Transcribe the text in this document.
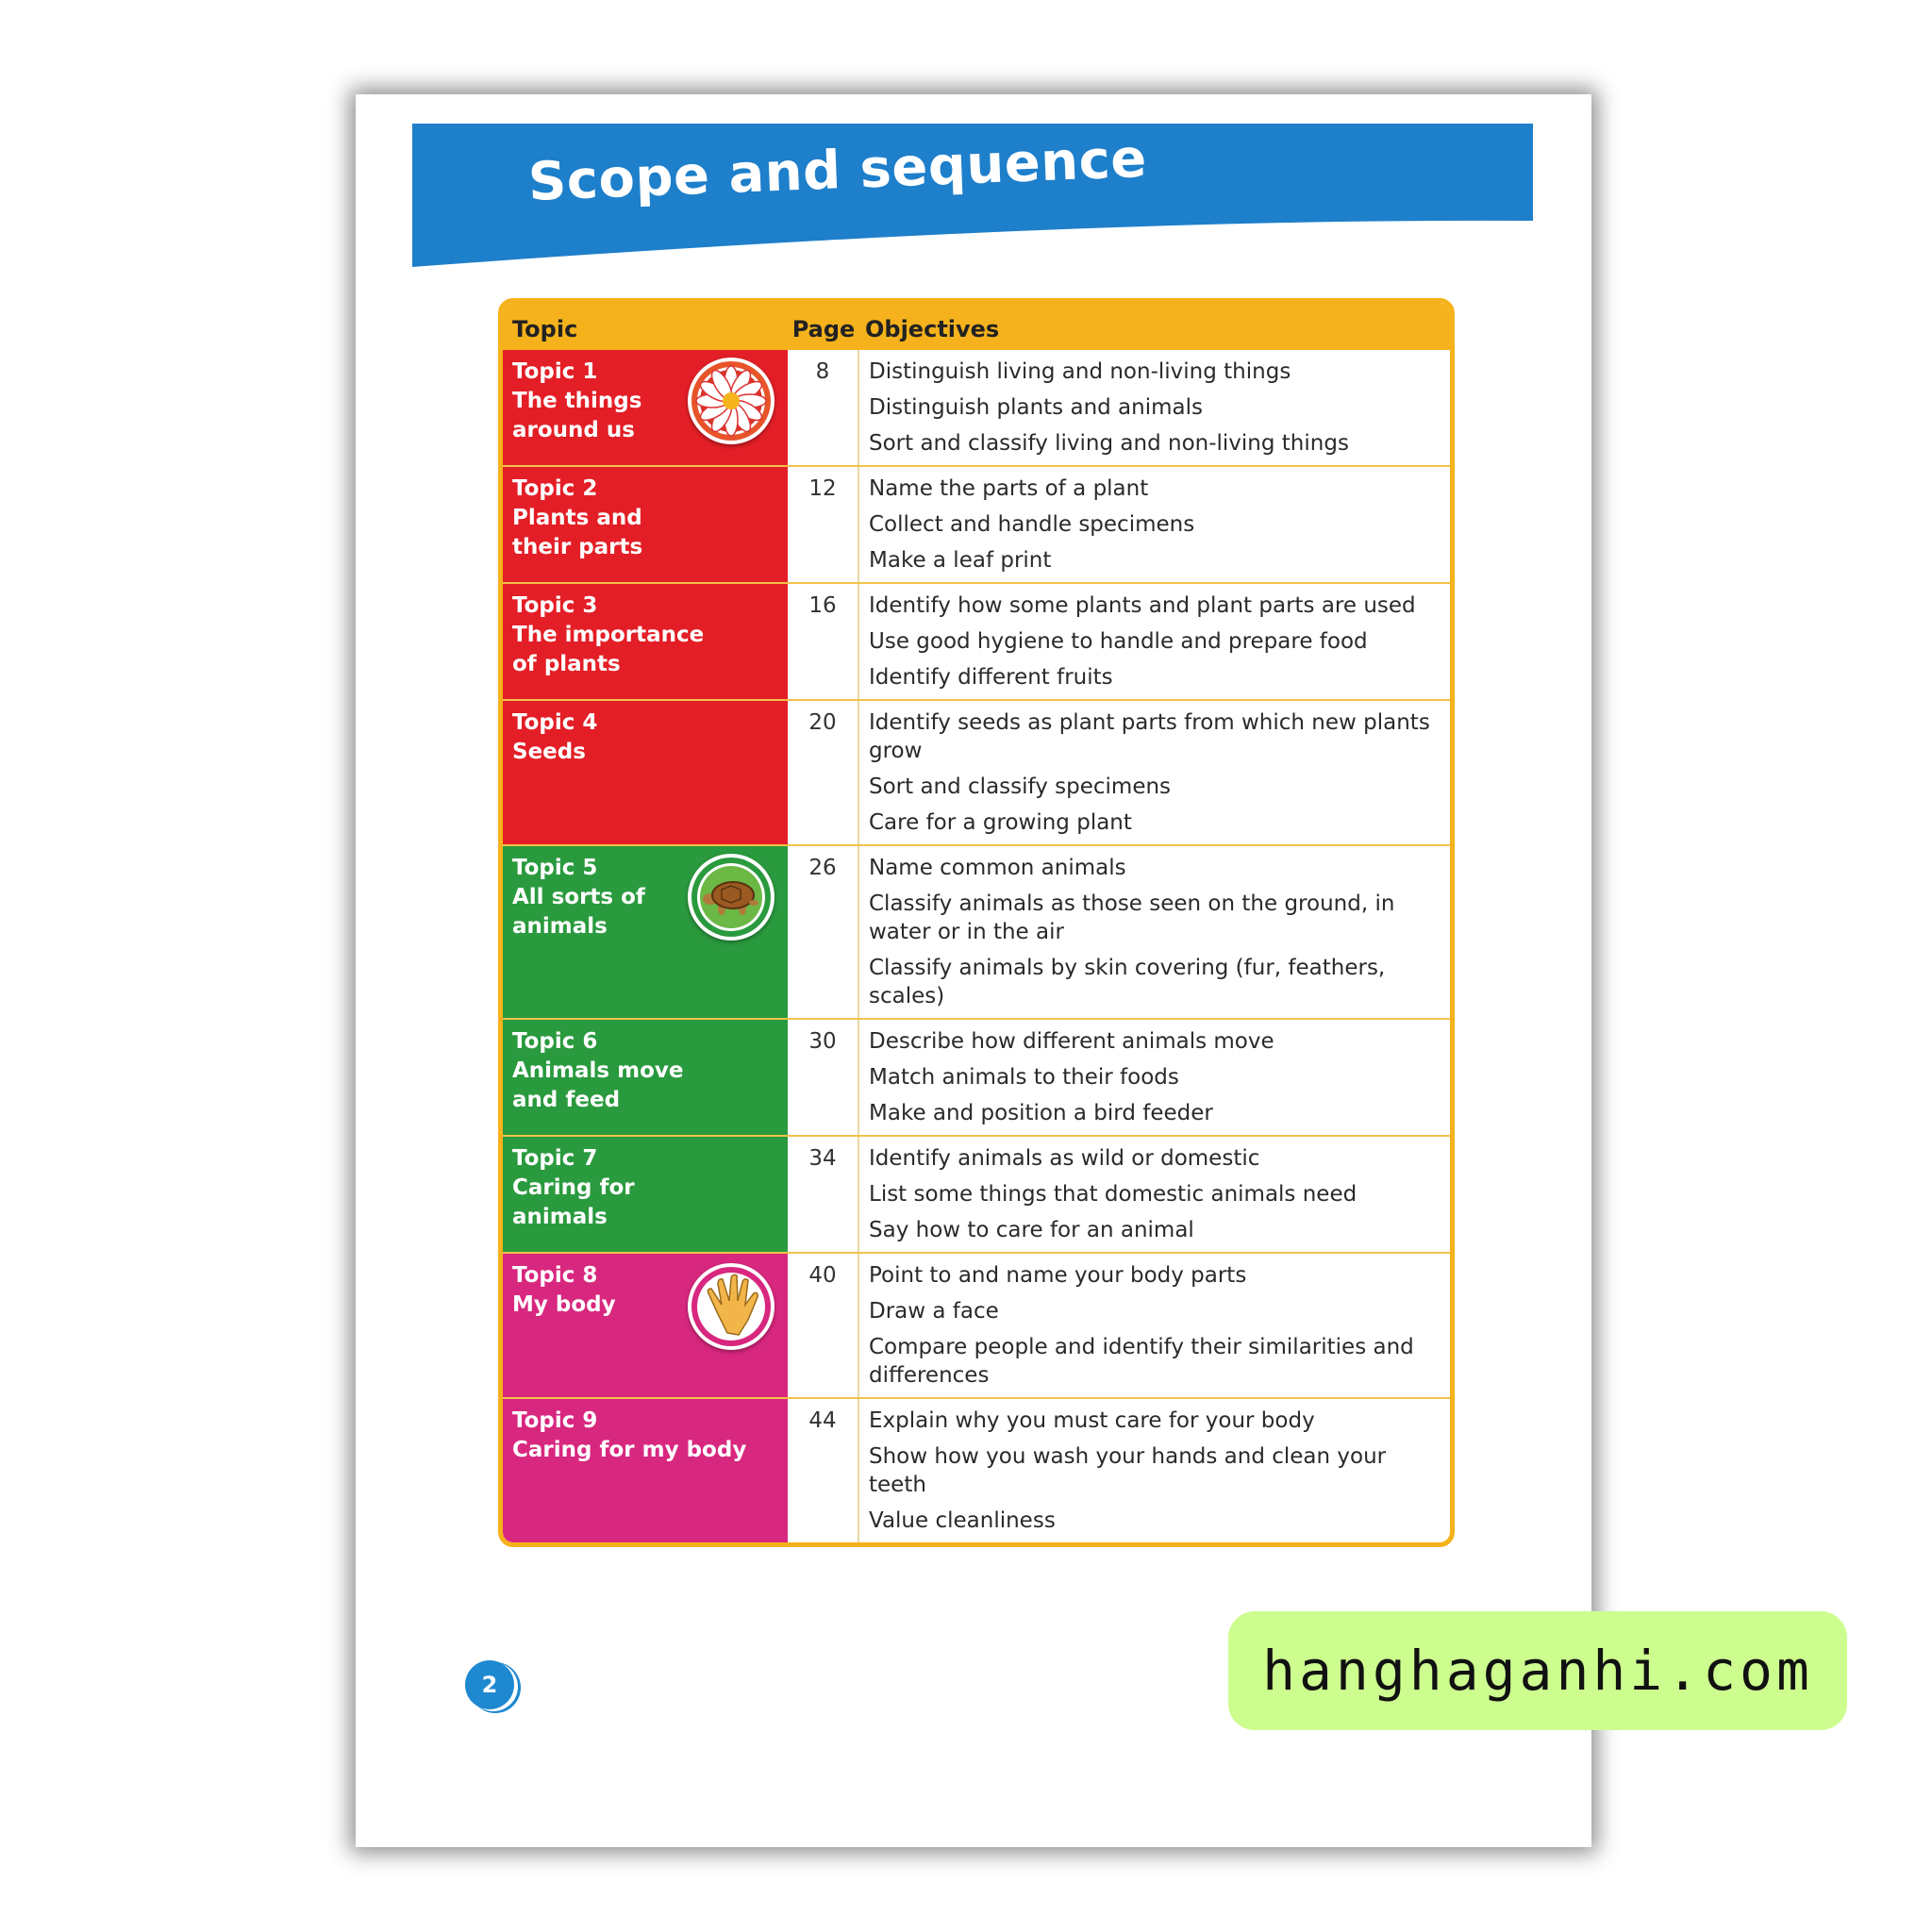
Scope and sequence
Topic	Page Objectives
Topic 1
The things
around us
8	Distinguish living and non-living things
Distinguish plants and animals
Sort and classify living and non-living things
Topic 2
Plants and
their parts
12	Name the parts of a plant
Collect and handle specimens
Make a leaf print
Topic 3
The importance
of plants
16	Identify how some plants and plant parts are used
Use good hygiene to handle and prepare food
Identify different fruits
Topic 4
Seeds
20	Identify seeds as plant parts from which new plants grow
Sort and classify specimens
Care for a growing plant
Topic 5
All sorts of
animals
26	Name common animals
Classify animals as those seen on the ground, in water or in the air
Classify animals by skin covering (fur, feathers, scales)
Topic 6
Animals move
and feed
30	Describe how different animals move
Match animals to their foods
Make and position a bird feeder
Topic 7
Caring for
animals
34	Identify animals as wild or domestic
List some things that domestic animals need
Say how to care for an animal
Topic 8
My body
40	Point to and name your body parts
Draw a face
Compare people and identify their similarities and differences
Topic 9
Caring for my body
44	Explain why you must care for your body
Show how you wash your hands and clean your teeth
Value cleanliness
hanghaganhi.com
2
